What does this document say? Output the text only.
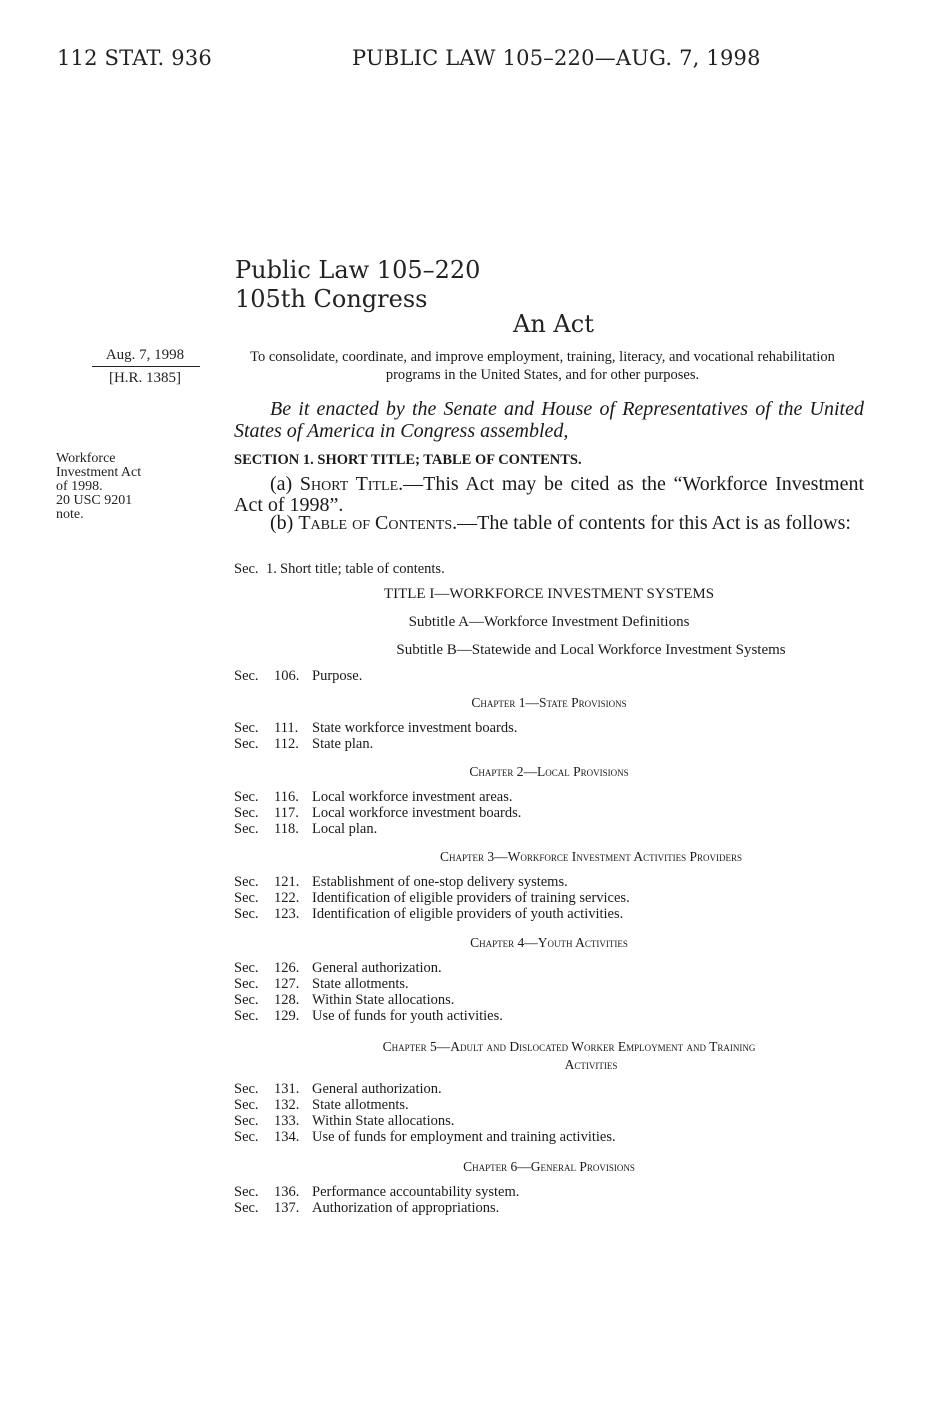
112 STAT. 936	PUBLIC LAW 105–220—AUG. 7, 1998
Public Law 105–220
105th Congress
An Act
Aug. 7, 1998
[H.R. 1385]
To consolidate, coordinate, and improve employment, training, literacy, and vocational rehabilitation programs in the United States, and for other purposes.
Be it enacted by the Senate and House of Representatives of the United States of America in Congress assembled,
Workforce
Investment Act
of 1998.
20 USC 9201
note.
SECTION 1. SHORT TITLE; TABLE OF CONTENTS.
(a) Short Title.—This Act may be cited as the “Workforce Investment Act of 1998”.
(b) Table of Contents.—The table of contents for this Act is as follows:
Sec. 1. Short title; table of contents.
TITLE I—WORKFORCE INVESTMENT SYSTEMS
Subtitle A—Workforce Investment Definitions
Subtitle B—Statewide and Local Workforce Investment Systems
Sec. 106. Purpose.
Chapter 1—State Provisions
Sec. 111. State workforce investment boards.
Sec. 112. State plan.
Chapter 2—Local Provisions
Sec. 116. Local workforce investment areas.
Sec. 117. Local workforce investment boards.
Sec. 118. Local plan.
Chapter 3—Workforce Investment Activities Providers
Sec. 121. Establishment of one-stop delivery systems.
Sec. 122. Identification of eligible providers of training services.
Sec. 123. Identification of eligible providers of youth activities.
Chapter 4—Youth Activities
Sec. 126. General authorization.
Sec. 127. State allotments.
Sec. 128. Within State allocations.
Sec. 129. Use of funds for youth activities.
Chapter 5—Adult and Dislocated Worker Employment and Training
Activities
Sec. 131. General authorization.
Sec. 132. State allotments.
Sec. 133. Within State allocations.
Sec. 134. Use of funds for employment and training activities.
Chapter 6—General Provisions
Sec. 136. Performance accountability system.
Sec. 137. Authorization of appropriations.
